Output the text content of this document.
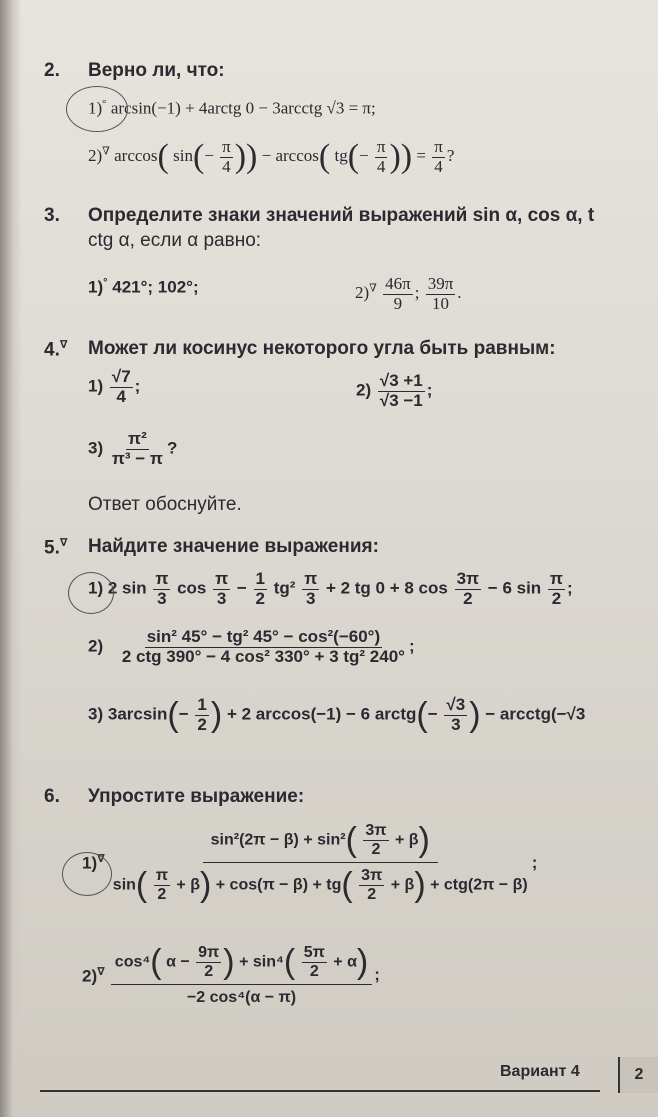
2. Верно ли, что:
1)° arcsin(−1) + 4arctg 0 − 3arcctg √3 = π;
2)∇ arccos( $\sin(- \frac{\pi}{4}$ )) − arccos( $tg(- \frac{\pi}{4}$ )) = $\frac{\pi}{4}$ ?
3. Определите знаки значений выражений sin α, cos α, t
ctg α, если α равно:
1)° 421°; 102°;	$2)^\nabla \frac{46\pi}{9}$ ; $\frac{39\pi}{10}$ .
4.∇ Может ли косинус некоторого угла быть равным:
$1) \frac{√7}{4}$ ;	$2) \frac{√3 +1}{√3 -1}$ ;
$3) \frac{\text{π²}}{\text{π³ − π}}$ ?
Ответ обоснуйте.
5.∇ Найдите значение выражения:
1) 2 $\sin \frac{\pi}{3}$ $\cos \frac{\pi}{3} - \frac{1}{2} tg^2 \frac{\pi}{3} + 2$ tg 0 + 8 $\cos \frac{3\pi}{2} - 6$ $\sin \frac{\pi}{2}$ ;
$2) \frac{\text{sin² 45° − tg² 45° − cos²(−60°)}}{\text{2 ctg 390° − 4 cos² 330° + 3 tg² 240°}}$ ;
3) $3\arcsin(- \frac{1}{2}$ ) + 2 arccos(−1) − 6 arctg(− $\frac{√3}{3}$ ) − arcctg(−√3
6. Упростите выражение:
1)∇
$\sin^2(2\pi - \beta) + \sin^2( \frac{3\pi}{2} + \beta)$
$\sin( \frac{\pi}{2} + \beta) + \cos(\pi - \beta) + tg( \frac{3\pi}{2} + \beta) + ctg(2\pi - \beta)$
;
2)∇
cos⁴( $\alpha - \frac{9\pi}{2}$ ) + $\sin^4( \frac{5\pi}{2} + \alpha)$
−2 cos⁴(α − π)
;
Вариант 4	2
